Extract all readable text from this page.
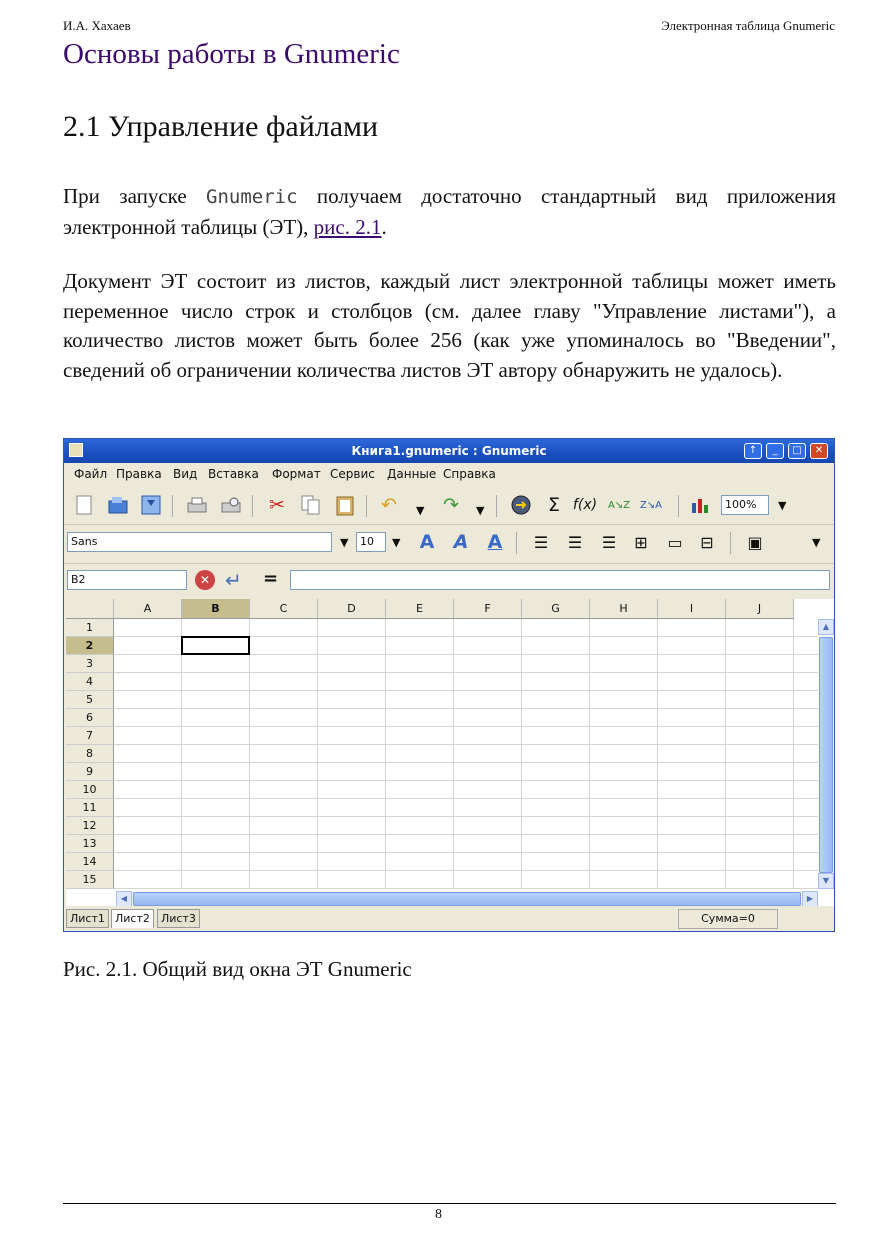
И.А. Хахаев	Электронная таблица Gnumeric
Основы работы в Gnumeric
2.1 Управление файлами
При запуске Gnumeric получаем достаточно стандартный вид приложения электронной таблицы (ЭТ), рис. 2.1.
Документ ЭТ состоит из листов, каждый лист электронной таблицы может иметь переменное число строк и столбцов (см. далее главу "Управление листами"), а количество листов может быть более 256 (как уже упоминалось во "Введении", сведений об ограничении количества листов ЭТ автору обнаружить не удалось).
Книга1.gnumeric : Gnumeric	↑	_	□	✕
Файл Правка Вид Вставка Формат Сервис Данные Справка
✂	↶	▼ ↷	▼	Σ f(x) A↘Z Z↘A	100%	▼
Sans	▼	10	▼ A A A	☰	☰	☰	⊞	▭	⊟	▣	▼
B2	✕ ↵ =
▲
▼
◀	▶
A	B	C	D	E	F	G	H	I	J
1
2
3
4
5
6
7
8
9
10
11
12
13
14
15
Лист1 Лист2	Лист3	Сумма=0
Рис. 2.1. Общий вид окна ЭТ Gnumeric
8
